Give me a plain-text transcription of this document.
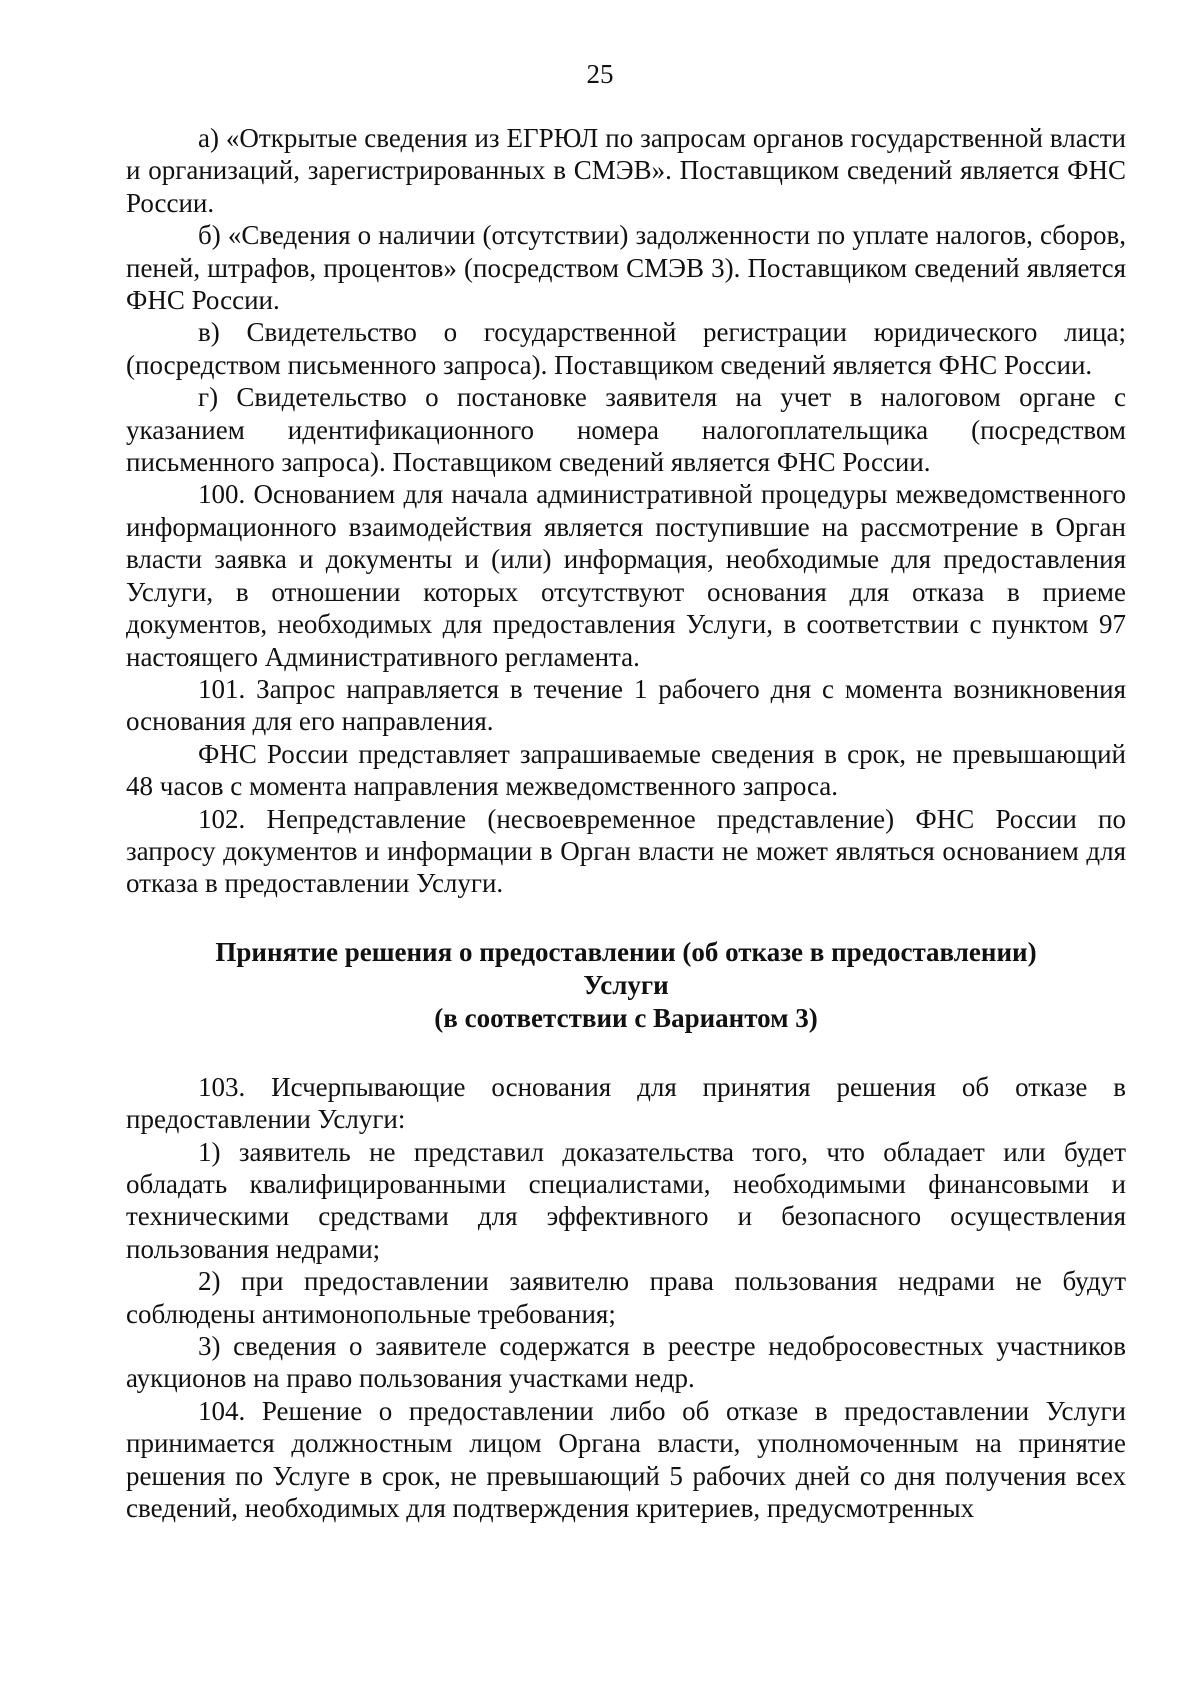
25

а) «Открытые сведения из ЕГРЮЛ по запросам органов государственной власти и организаций, зарегистрированных в СМЭВ». Поставщиком сведений является ФНС России.

б) «Сведения о наличии (отсутствии) задолженности по уплате налогов, сборов, пеней, штрафов, процентов» (посредством СМЭВ 3). Поставщиком сведений является ФНС России.

в) Свидетельство о государственной регистрации юридического лица; (посредством письменного запроса). Поставщиком сведений является ФНС России.

г) Свидетельство о постановке заявителя на учет в налоговом органе с указанием идентификационного номера налогоплательщика (посредством письменного запроса). Поставщиком сведений является ФНС России.

100. Основанием для начала административной процедуры межведомственного информационного взаимодействия является поступившие на рассмотрение в Орган власти заявка и документы и (или) информация, необходимые для предоставления Услуги, в отношении которых отсутствуют основания для отказа в приеме документов, необходимых для предоставления Услуги, в соответствии с пунктом 97 настоящего Административного регламента.

101. Запрос направляется в течение 1 рабочего дня с момента возникновения основания для его направления.

ФНС России представляет запрашиваемые сведения в срок, не превышающий 48 часов с момента направления межведомственного запроса.

102. Непредставление (несвоевременное представление) ФНС России по запросу документов и информации в Орган власти не может являться основанием для отказа в предоставлении Услуги.

Принятие решения о предоставлении (об отказе в предоставлении)
Услуги
(в соответствии с Вариантом 3)

103. Исчерпывающие основания для принятия решения об отказе в предоставлении Услуги:

1) заявитель не представил доказательства того, что обладает или будет обладать квалифицированными специалистами, необходимыми финансовыми и техническими средствами для эффективного и безопасного осуществления пользования недрами;

2) при предоставлении заявителю права пользования недрами не будут соблюдены антимонопольные требования;

3) сведения о заявителе содержатся в реестре недобросовестных участников аукционов на право пользования участками недр.

104. Решение о предоставлении либо об отказе в предоставлении Услуги принимается должностным лицом Органа власти, уполномоченным на принятие решения по Услуге в срок, не превышающий 5 рабочих дней со дня получения всех сведений, необходимых для подтверждения критериев, предусмотренных
